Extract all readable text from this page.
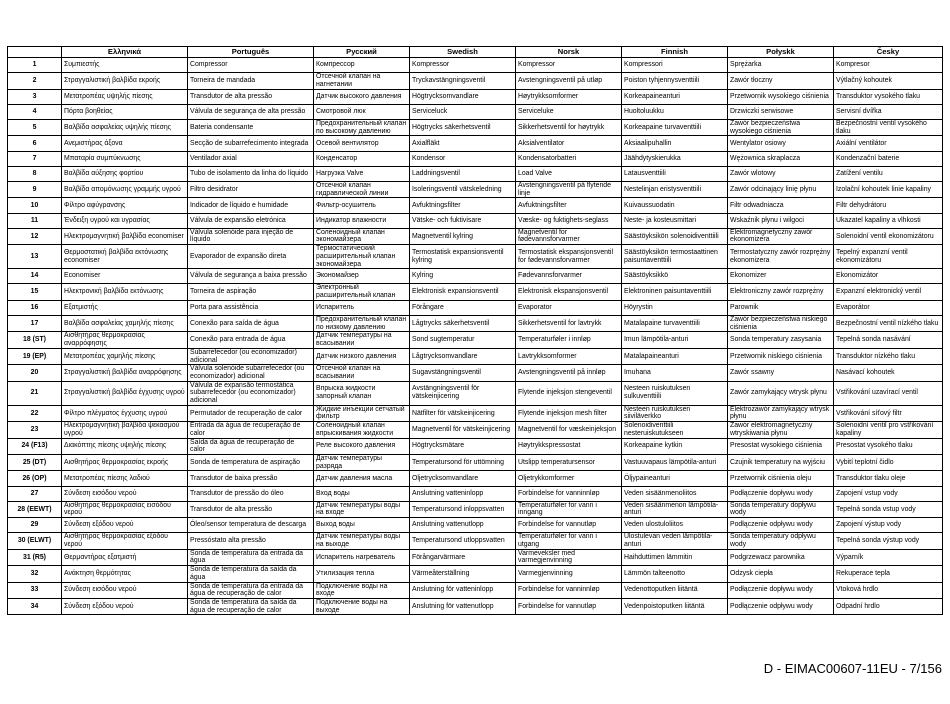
	Ελληνικά	Português	Русский	Swedish	Norsk	Finnish	Połyskk	Česky
1	Συμπιεστής	Compressor	Компрессор	Kompressor	Kompressor	Kompressori	Sprężarka	Kompresor
2	Στραγγαλιστική βαλβίδα εκροής	Torneira de mandada	Отсечной клапан на нагнетании	Tryckavstängningsventil	Avstengningsventil på utløp	Poiston tyhjennysventtiili	Zawór tłoczny	Výtlačný kohoutek
3	Μετατροπέας υψηλής πίεσης	Transdutor de alta pressão	Датчик высокого давления	Högtrycksomvandlare	Høytrykksomformer	Korkeapaineanturi	Przetwornik wysokiego ciśnienia	Transduktor vysokého tlaku
4	Πόρτα βοηθείας	Válvula de segurança de alta pressão	Смотровой люк	Serviceluck	Serviceluke	Huoltoluukku	Drzwiczki serwisowe	Servisní dvířka
5	Βαλβίδα ασφαλείας υψηλής πίεσης	Bateria condensante	Предохранительный клапан по высокому давлению	Högtrycks säkerhetsventil	Sikkerhetsventil for høytrykk	Korkeapaine turvaventtiili	Zawór bezpieczeństwa wysokiego ciśnienia	Bezpečnostní ventil vysokého tlaku
6	Ανεμιστήρας άξονα	Secção de subarrefecimento integrada	Осевой вентилятор	Axialfläkt	Aksialventilator	Aksiaalipuhallin	Wentylator osiowy	Axiální ventilátor
7	Μπαταρία συμπύκνωσης	Ventilador axial	Конденсатор	Kondensor	Kondensatorbatteri	Jäähdytyskierukka	Wężownica skraplacza	Kondenzační baterie
8	Βαλβίδα αύξησης φορτίου	Tubo de isolamento da linha do líquido	Нагрузка Valve	Laddningsventil	Load Valve	Latausventtiili	Zawór wlotowy	Zatížení ventilu
9	Βαλβίδα απομόνωσης γραμμής υγρού	Filtro desidrator	Отсечной клапан гидравлической линии	Isoleringsventil vätskeledning	Avstengningsventil på flytende linje	Nestelinjan eristysventtiili	Zawór odcinający linię płynu	Izolační kohoutek linie kapaliny
10	Φίλτρο αφύγρανσης	Indicador de líquido e humidade	Фильтр-осушитель	Avfuktningsfilter	Avfuktningsfilter	Kuivaussuodatin	Filtr odwadniacza	Filtr dehydrátoru
11	Ένδειξη υγρού και υγρασίας	Válvula de expansão eletrónica	Индикатор влажности	Vätske- och fuktivisare	Væske- og fuktighets-seglass	Neste- ja kosteusmittari	Wskaźnik płynu i wilgoci	Ukazatel kapaliny a vlhkosti
12	Ηλεκτρομαγνητική βαλβίδα economiser	Válvula solenóide para injeção de líquido	Соленоидный клапан экономайзера	Magnetventil kylring	Magnetventil for fødevannsforvarmer	Säästöyksikön solenoidiventtiili	Elektromagnetyczny zawór ekonomizera	Solenoidní ventil ekonomizátoru
13	Θερμοστατική βαλβίδα εκτόνωσης economiser	Evaporador de expansão direta	Термостатический расширительный клапан экономайзера	Termostatisk expansionsventil kylring	Termostatisk ekspansjonsventil for fødevannsforvarmer	Säästöyksikön termostaattinen paisuntaventtiili	Termostatyczny zawór rozprężny ekonomizera	Tepelný expanzní ventil ekonomizátoru
14	Economiser	Válvula de segurança a baixa pressão	Экономайзер	Kylring	Fødevannsforvarmer	Säästöyksikkö	Ekonomizer	Ekonomizátor
15	Ηλεκτρονική βαλβίδα εκτόνωσης	Torneira de aspiração	Электронный расширительный клапан	Elektronisk expansionsventil	Elektronisk ekspansjonsventil	Elektroninen paisuntaventtiili	Elektroniczny zawór rozprężny	Expanzní elektronický ventil
16	Εξατμιστής	Porta para assistência	Испаритель	Förångare	Evaporator	Höyrystin	Parownik	Evaporátor
17	Βαλβίδα ασφαλείας χαμηλής πίεσης	Conexão para saída de água	Предохранительный клапан по низкому давлению	Lågtrycks säkerhetsventil	Sikkerhetsventil for lavtrykk	Matalapaine turvaventtiili	Zawór bezpieczeństwa niskiego ciśnienia	Bezpečnostní ventil nízkého tlaku
18 (ST)	Αισθητήρας θερμοκρασίας αναρρόφησης	Conexão para entrada de água	Датчик температуры на всасывании	Sond sugtemperatur	Temperaturføler i innløp	Imun lämpötila-anturi	Sonda temperatury zasysania	Tepelná sonda nasávání
19 (EP)	Μετατροπέας χαμηλής πίεσης	Subarrefecedor (ou economizador) adicional	Датчик низкого давления	Lågtrycksomvandlare	Lavtrykksomformer	Matalapaineanturi	Przetwornik niskiego ciśnienia	Transduktor nízkého tlaku
20	Στραγγαλιστική βαλβίδα αναρρόφησης	Válvula solenóide subarrefecedor (ou economizador) adicional	Отсечной клапан на всасывании	Sugavstängningsventil	Avstengningsventil på innløp	Imuhana	Zawór ssawny	Nasávací kohoutek
21	Στραγγαλιστική βαλβίδα έγχυσης υγρού	Válvula de expansão termostática subarrefecedor (ou economizador) adicional	Впрыска жидкости запорный клапан	Avstängningsventil för vätskeinjicering	Flytende injeksjon stengeventil	Nesteen ruiskutuksen sulkuventtiili	Zawór zamykający wtrysk płynu	Vstřikování uzavírací ventil
22	Φίλτρο πλέγματος έγχυσης υγρού	Permutador de recuperação de calor	Жидкие инъекции сетчатый фильтр	Nätfilter för vätskeinjicering	Flytende injeksjon mesh filter	Nesteen ruiskutuksen siiviläverkko	Elektrozawór zamykający wtrysk płynu	Vstřikování síťový filtr
23	Ηλεκτρομαγνητική βαλβίδα ψεκασμού υγρού	Entrada da água de recuperação de calor	Соленоидный клапан впрыскивания жидкости	Magnetventil för vätskeinjicering	Magnetventil for væskeinjeksjon	Solenoidiventtiili nesteruiskutukseen	Zawór elektromagnetyczny wtryskiwania płynu	Solenoidní ventil pro vstřikování kapaliny
24 (F13)	Διακόπτης πίεσης υψηλής πίεσης	Saída da água de recuperação de calor	Реле высокого давления	Högtrycksmätare	Høytrykkspressostat	Korkeapaine kytkin	Presostat wysokiego ciśnienia	Presostat vysokého tlaku
25 (DT)	Αισθητήρας θερμοκρασίας εκροής	Sonda de temperatura de aspiração	Датчик температуры разряда	Temperatursond för uttömning	Utslipp temperatursensor	Vastuuvapaus lämpötila-anturi	Czujnik temperatury na wyjściu	Vybití teplotní čidlo
26 (OP)	Μετατροπέας πίεσης λαδιού	Transdutor de baixa pressão	Датчик давления масла	Oljetrycksomvandlare	Oljetrykkomformer	Öljypaineanturi	Przetwornik ciśnienia oleju	Transduktor tlaku oleje
27	Σύνδεση εισόδου νερού	Transdutor de pressão do óleo	Вход воды	Anslutning vatteninlopp	Forbindelse for vanninnløp	Veden sisäänmenoliitos	Podłączenie dopływu wody	Zapojení vstup vody
28 (EEWT)	Αισθητήρας θερμοκρασίας εισόδου νερού	Transdutor de alta pressão	Датчик температуры воды на входе	Temperatursond inloppsvatten	Temperaturføler for vann i inngang	Veden sisäänmenon lämpötila-anturi	Sonda temperatury dopływu wody	Tepelná sonda vstup vody
29	Σύνδεση εξόδου νερού	Óleo/sensor temperatura de descarga	Выход воды	Anslutning vattenutlopp	Forbindelse for vannutløp	Veden ulostuloliitos	Podłączenie odpływu wody	Zapojení výstup vody
30 (ELWT)	Αισθητήρας θερμοκρασίας εξόδου νερού	Pressóstato alta pressão	Датчик температуры воды на выходе	Temperatursond utloppsvatten	Temperaturføler for vann i utgang	Ulostulevan veden lämpötila-anturi	Sonda temperatury odpływu wody	Tepelná sonda výstup vody
31 (R5)	Θερμαντήρας εξατμιστή	Sonda de temperatura da entrada da água	Испаритель нагреватель	Förångarvärmare	Varmeveksler med varmegjenvinning	Haihduttimen lämmitin	Podgrzewacz parownika	Výparník
32	Ανάκτηση θερμότητας	Sonda de temperatura da saída da água	Утилизация тепла	Värmeåterställning	Varmegjenvinning	Lämmön talteenotto	Odzysk ciepła	Rekuperace tepla
33	Σύνδεση εισόδου νερού	Sonda de temperatura da entrada da água de recuperação de calor	Подключение воды на входе	Anslutning för vatteninlopp	Forbindelse for vanninnløp	Vedenottoputken liitäntä	Podłączenie dopływu wody	Vtoková hrdlo
34	Σύνδεση εξόδου νερού	Sonda de temperatura da saída da água de recuperação de calor	Подключение воды на выходе	Anslutning för vattenutlopp	Forbindelse for vannutløp	Vedenpoistoputken liitäntä	Podłączenie odpływu wody	Odpadní hrdlo
D - EIMAC00607-11EU - 7/156
